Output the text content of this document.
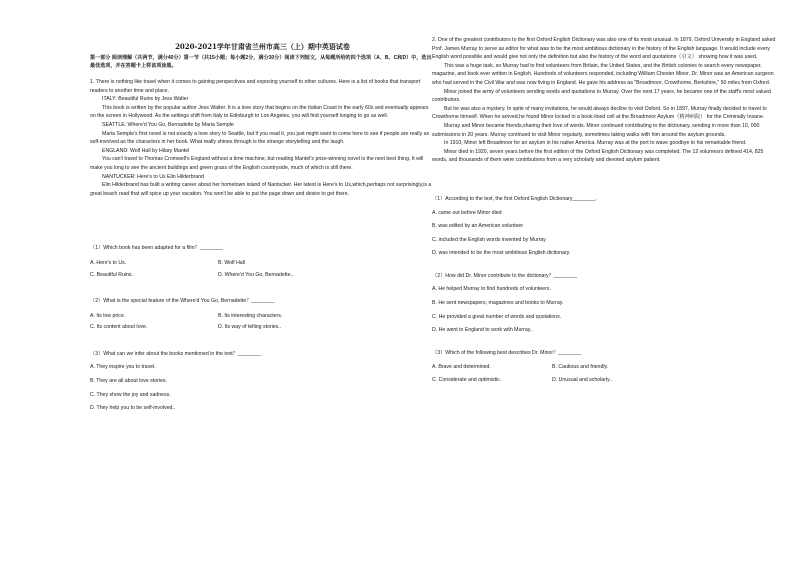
2020-2021学年甘肃省兰州市高三（上）期中英语试卷
第一部分 阅读理解（共两节，满分40分）第一节（共15小题；每小题2分，满分30分）阅读下列短文，从每题所给的四个选项（A、B、C和D）中，选出最佳选项，并在答题卡上将该项涂黑。

1. There is nothing like travel when it comes to gaining perspectives and exposing yourself to other cultures. Here is a list of books that transport readers to another time and place.

ITALY: Beautiful Ruins by Jess Walter

This book is written by the popular author Jess Walter. It is a love story that begins on the Italian Coast in the early 60s and eventually appears on the screen in Hollywood. As the settings shift from Italy to Edinburgh to Los Angeles, you will find yourself longing to go as well.

SEATTLE: Where'd You Go, Bernadette by Maria Semple

Maria Semple's first novel is not exactly a love story to Seattle, but if you read it, you just might want to come here to see if people are really as self-involved as the characters in her book. What really shines through is the strange storytelling and the laugh.

ENGLAND: Wolf Hall by Hilary Mantel

You can't travel to Thomas Cromwell's England without a time machine, but reading Mantel's prize-winning novel is the next best thing. It will make you long to see the ancient buildings and green grass of the English countryside, much of which is still there.

NANTUCKER: Here's to Us Elin Hilderbrand

Elin Hilderbrand has built a writing career about her hometown island of Nantucker. Her latest is Here's to Us,which,perhaps not surprisingly,is a great beach read that will spice up your vacation. You won't be able to put the page down and desire to get there.

（1）Which book has been adapted for a film？________

A. Here's to Us.	B. Wolf Hall
C. Beautiful Ruins.	D. Where'd You Go, Bernadette..

（2）What is the special feature of the Where'd You Go, Bernadette？________

A. Its low price.	B. Its interesting characters.
C. Its content about love.	D. Its way of telling stories..

（3）What can we infer about the books mentioned in the text？________

A. They inspire you to travel.

B. They are all about love stories.

C. They show the joy and sadness.

D. They help you to be self-involved..

2. One of the greatest contributors to the first Oxford English Dictionary was also one of its most unusual. In 1879, Oxford University in England asked Prof. James Murray to serve as editor for what was to be the most ambitious dictionary in the history of the English language. It would include every English word possible and would give not only the definition but also the history of the word and quotations（引文） showing how it was used.

This was a huge task, so Murray had to find volunteers from Britain, the United States, and the British colonies to search every newspaper, magazine, and book ever written in English. Hundreds of volunteers responded, including William Chester Minor. Dr. Minor was an American surgeon who had served in the Civil War and was now living in England. He gave his address as "Broadmoor, Crowthorne, Berkshire," 50 miles from Oxford.

Minor joined the army of volunteers sending words and quotations to Murray. Over the next 17 years, he became one of the staff's most valued contributors.

But he was also a mystery. In spite of many invitations, he would always decline to visit Oxford. So in 1897, Murray finally decided to travel to Crowthorne himself. When he arrived,he found Minor locked in a book-lined cell at the Broadmoor Asylum（精神病院） for the Criminally Insane.

Murray and Minor became friends,sharing their love of words. Minor continued contributing to the dictionary, sending in more than 10, 000 submissions in 20 years. Murray continued to visit Minor regularly, sometimes taking walks with him around the asylum grounds.

In 1910, Minor left Broadmoor for an asylum in his native America. Murray was at the port to wave goodbye to his remarkable friend.

Minor died in 1920, seven years before the first edition of the Oxford English Dictionary was completed. The 12 volumesrs defined 414, 825 words, and thousands of them were contributions from a very scholarly and devoted asylum patient.

（1）According to the text, the first Oxford English Dictionary________.

A. came out before Minor died

B. was edited by an American volunteer

C. included the English words invented by Murray

D. was intended to be the most ambitious English dictionary.

（2）How did Dr. Minor contribute to the dictionary？________

A. He helped Murray to find hundreds of volunteers.

B. He sent newspapers, magazines and books to Murray.

C. He provided a great number of words and quotations.

D. He went to England to work with Murray..

（3）Which of the following best describes Dr. Minor？________

A. Brave and determined.	B. Cautious and friendly.
C. Considerate and optimistic.	D. Unusual and scholarly..
